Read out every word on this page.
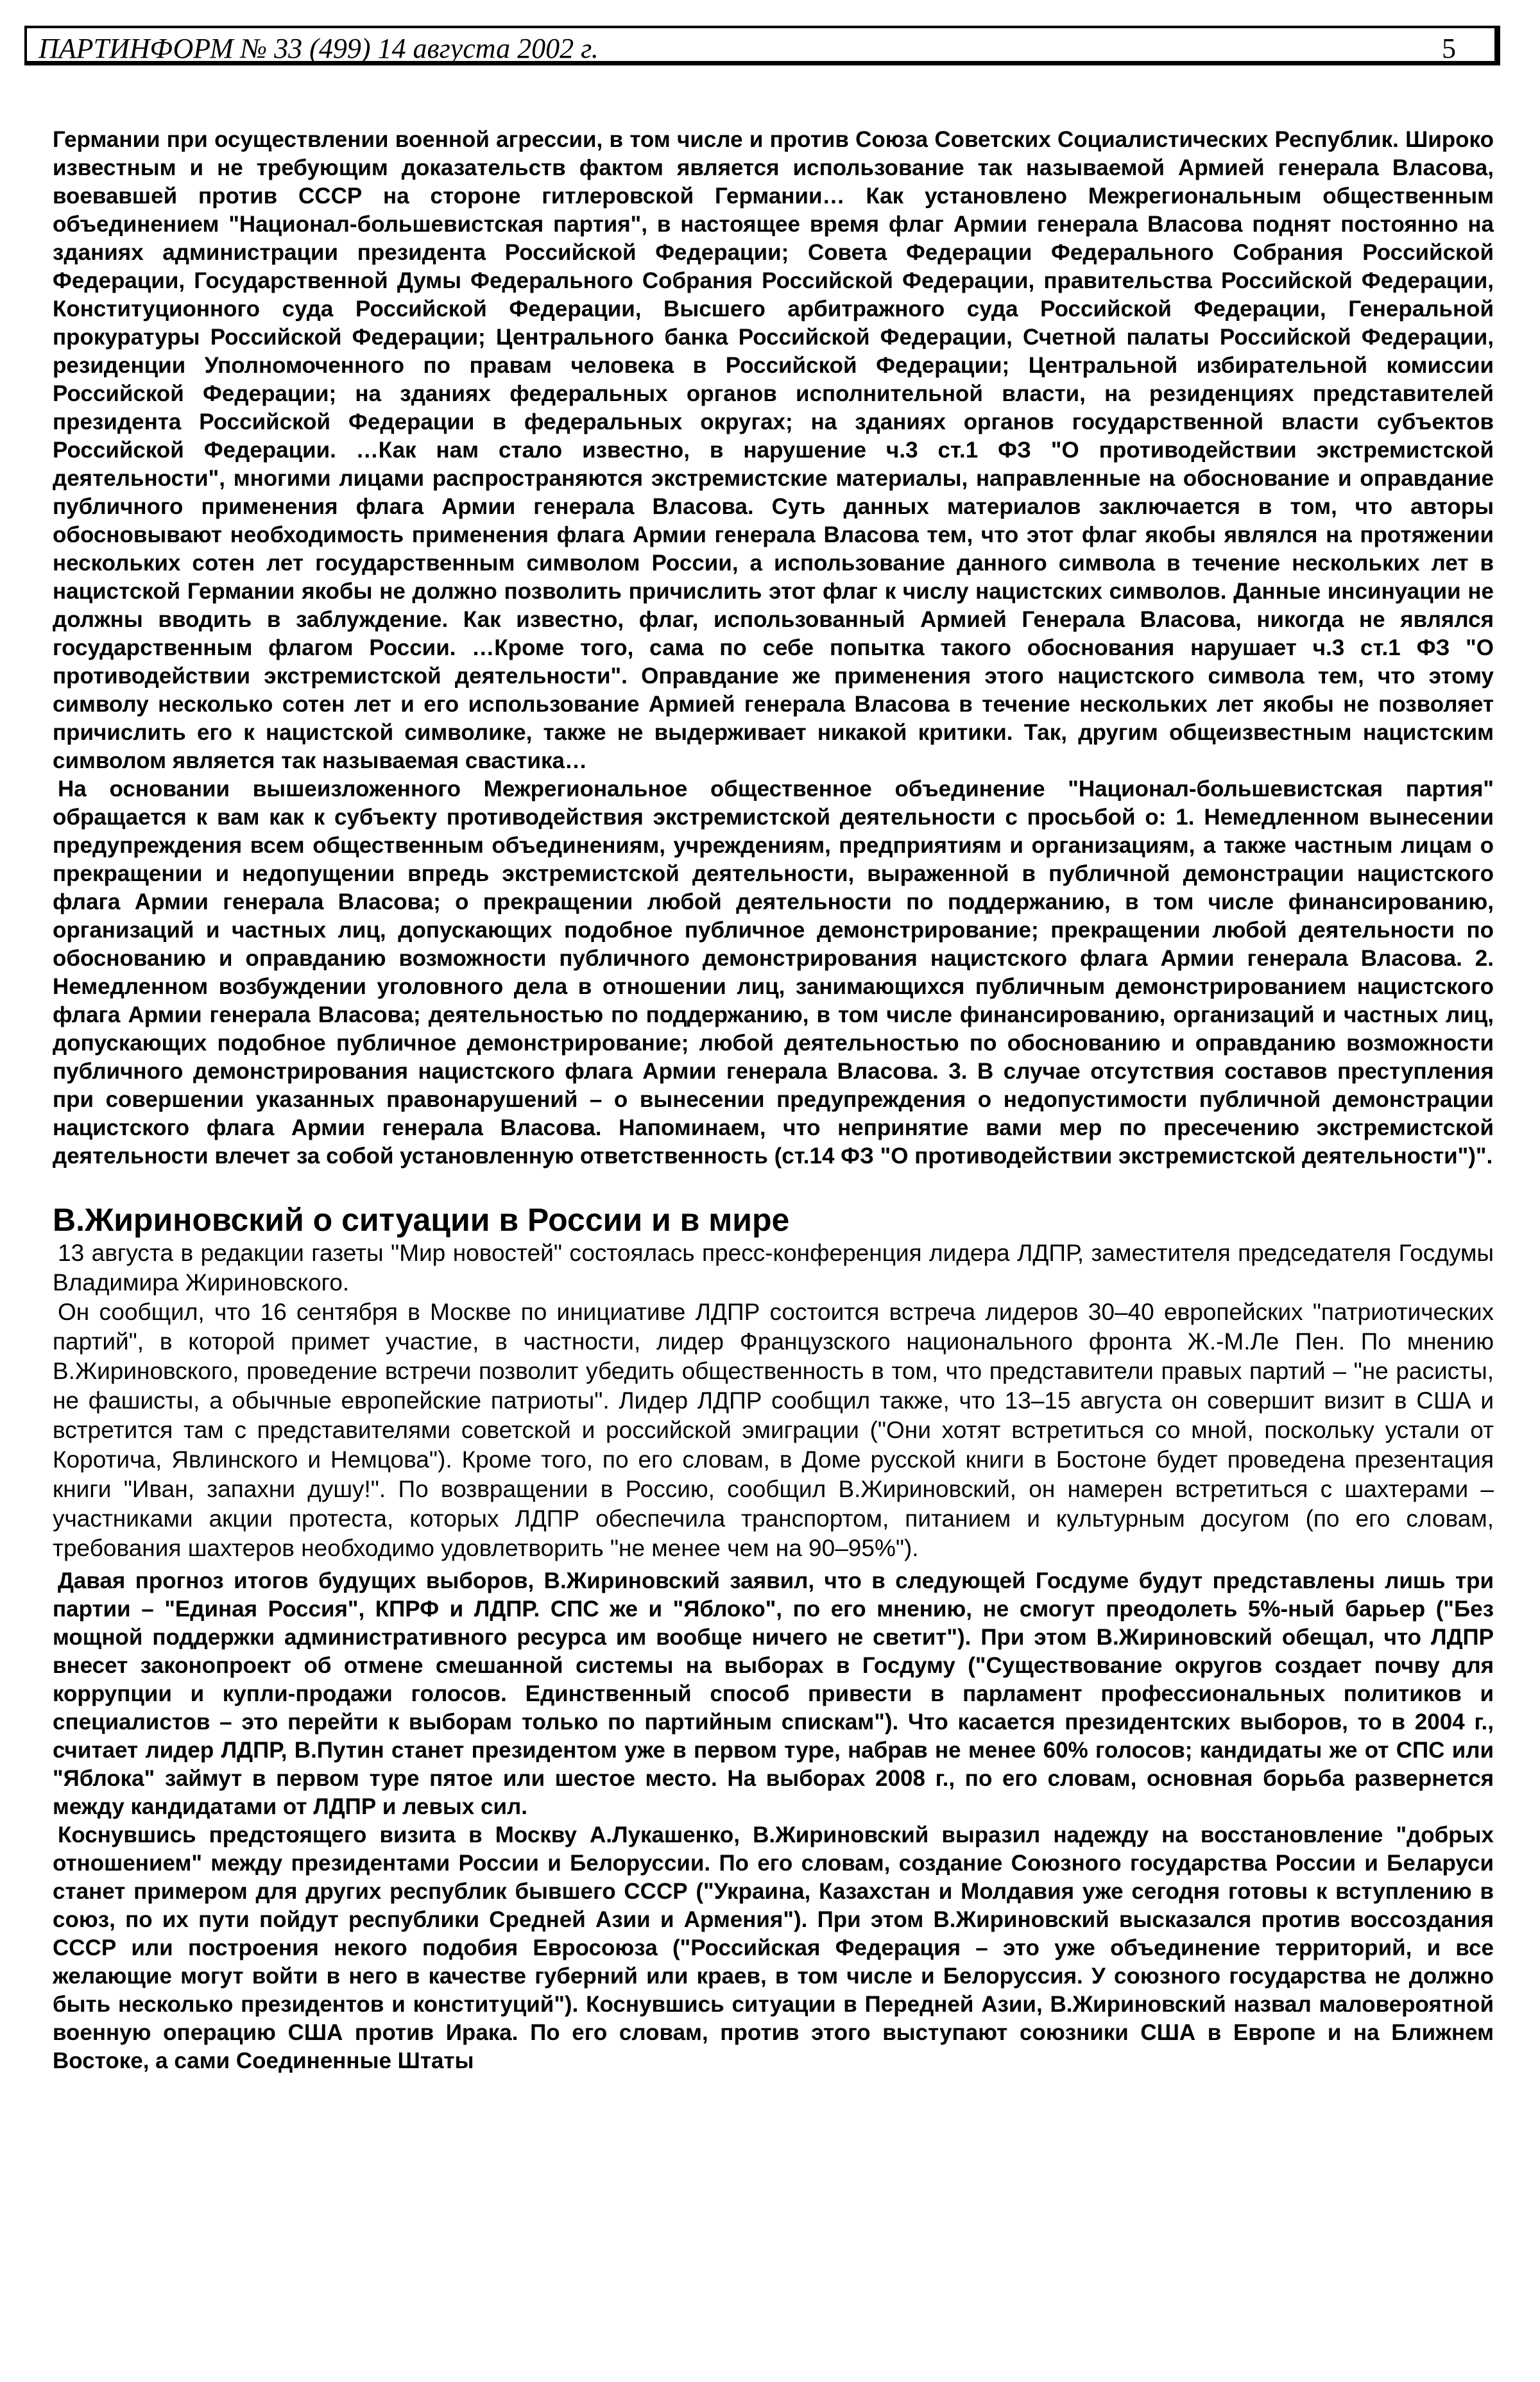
ПАРТИНФОРМ № 33 (499) 14 августа 2002 г.	5

Германии при осуществлении военной агрессии, в том числе и против Союза Советских Социалистических Республик. Широко известным и не требующим доказательств фактом является использование так называемой Армией генерала Власова, воевавшей против СССР на стороне гитлеровской Германии… Как установлено Межрегиональным общественным объединением "Национал-большевистская партия", в настоящее время флаг Армии генерала Власова поднят постоянно на зданиях администрации президента Российской Федерации; Совета Федерации Федерального Собрания Российской Федерации, Государственной Думы Федерального Собрания Российской Федерации, правительства Российской Федерации, Конституционного суда Российской Федерации, Высшего арбитражного суда Российской Федерации, Генеральной прокуратуры Российской Федерации; Центрального банка Российской Федерации, Счетной палаты Российской Федерации, резиденции Уполномоченного по правам человека в Российской Федерации; Центральной избирательной комиссии Российской Федерации; на зданиях федеральных органов исполнительной власти, на резиденциях представителей президента Российской Федерации в федеральных округах; на зданиях органов государственной власти субъектов Российской Федерации. …Как нам стало известно, в нарушение ч.3 ст.1 ФЗ "О противодействии экстремистской деятельности", многими лицами распространяются экстремистские материалы, направленные на обоснование и оправдание публичного применения флага Армии генерала Власова. Суть данных материалов заключается в том, что авторы обосновывают необходимость применения флага Армии генерала Власова тем, что этот флаг якобы являлся на протяжении нескольких сотен лет государственным символом России, а использование данного символа в течение нескольких лет в нацистской Германии якобы не должно позволить причислить этот флаг к числу нацистских символов. Данные инсинуации не должны вводить в заблуждение. Как известно, флаг, использованный Армией Генерала Власова, никогда не являлся государственным флагом России. …Кроме того, сама по себе попытка такого обоснования нарушает ч.3 ст.1 ФЗ "О противодействии экстремистской деятельности". Оправдание же применения этого нацистского символа тем, что этому символу несколько сотен лет и его использование Армией генерала Власова в течение нескольких лет якобы не позволяет причислить его к нацистской символике, также не выдерживает никакой критики. Так, другим общеизвестным нацистским символом является так называемая свастика…

На основании вышеизложенного Межрегиональное общественное объединение "Национал-большевистская партия" обращается к вам как к субъекту противодействия экстремистской деятельности с просьбой о: 1. Немедленном вынесении предупреждения всем общественным объединениям, учреждениям, предприятиям и организациям, а также частным лицам о прекращении и недопущении впредь экстремистской деятельности, выраженной в публичной демонстрации нацистского флага Армии генерала Власова; о прекращении любой деятельности по поддержанию, в том числе финансированию, организаций и частных лиц, допускающих подобное публичное демонстрирование; прекращении любой деятельности по обоснованию и оправданию возможности публичного демонстрирования нацистского флага Армии генерала Власова. 2. Немедленном возбуждении уголовного дела в отношении лиц, занимающихся публичным демонстрированием нацистского флага Армии генерала Власова; деятельностью по поддержанию, в том числе финансированию, организаций и частных лиц, допускающих подобное публичное демонстрирование; любой деятельностью по обоснованию и оправданию возможности публичного демонстрирования нацистского флага Армии генерала Власова. 3. В случае отсутствия составов преступления при совершении указанных правонарушений – о вынесении предупреждения о недопустимости публичной демонстрации нацистского флага Армии генерала Власова. Напоминаем, что непринятие вами мер по пресечению экстремистской деятельности влечет за собой установленную ответственность (ст.14 ФЗ "О противодействии экстремистской деятельности")".

В.Жириновский о ситуации в России и в мире

13 августа в редакции газеты "Мир новостей" состоялась пресс-конференция лидера ЛДПР, заместителя председателя Госдумы Владимира Жириновского.

Он сообщил, что 16 сентября в Москве по инициативе ЛДПР состоится встреча лидеров 30–40 европейских "патриотических партий", в которой примет участие, в частности, лидер Французского национального фронта Ж.-М.Ле Пен. По мнению В.Жириновского, проведение встречи позволит убедить общественность в том, что представители правых партий – "не расисты, не фашисты, а обычные европейские патриоты". Лидер ЛДПР сообщил также, что 13–15 августа он совершит визит в США и встретится там с представителями советской и российской эмиграции ("Они хотят встретиться со мной, поскольку устали от Коротича, Явлинского и Немцова"). Кроме того, по его словам, в Доме русской книги в Бостоне будет проведена презентация книги "Иван, запахни душу!". По возвращении в Россию, сообщил В.Жириновский, он намерен встретиться с шахтерами – участниками акции протеста, которых ЛДПР обеспечила транспортом, питанием и культурным досугом (по его словам, требования шахтеров необходимо удовлетворить "не менее чем на 90–95%").

Давая прогноз итогов будущих выборов, В.Жириновский заявил, что в следующей Госдуме будут представлены лишь три партии – "Единая Россия", КПРФ и ЛДПР. СПС же и "Яблоко", по его мнению, не смогут преодолеть 5%-ный барьер ("Без мощной поддержки административного ресурса им вообще ничего не светит"). При этом В.Жириновский обещал, что ЛДПР внесет законопроект об отмене смешанной системы на выборах в Госдуму ("Существование округов создает почву для коррупции и купли-продажи голосов. Единственный способ привести в парламент профессиональных политиков и специалистов – это перейти к выборам только по партийным спискам"). Что касается президентских выборов, то в 2004 г., считает лидер ЛДПР, В.Путин станет президентом уже в первом туре, набрав не менее 60% голосов; кандидаты же от СПС или "Яблока" займут в первом туре пятое или шестое место. На выборах 2008 г., по его словам, основная борьба развернется между кандидатами от ЛДПР и левых сил.

Коснувшись предстоящего визита в Москву А.Лукашенко, В.Жириновский выразил надежду на восстановление "добрых отношением" между президентами России и Белоруссии. По его словам, создание Союзного государства России и Беларуси станет примером для других республик бывшего СССР ("Украина, Казахстан и Молдавия уже сегодня готовы к вступлению в союз, по их пути пойдут республики Средней Азии и Армения"). При этом В.Жириновский высказался против воссоздания СССР или построения некого подобия Евросоюза ("Российская Федерация – это уже объединение территорий, и все желающие могут войти в него в качестве губерний или краев, в том числе и Белоруссия. У союзного государства не должно быть несколько президентов и конституций"). Коснувшись ситуации в Передней Азии, В.Жириновский назвал маловероятной военную операцию США против Ирака. По его словам, против этого выступают союзники США в Европе и на Ближнем Востоке, а сами Соединенные Штаты
